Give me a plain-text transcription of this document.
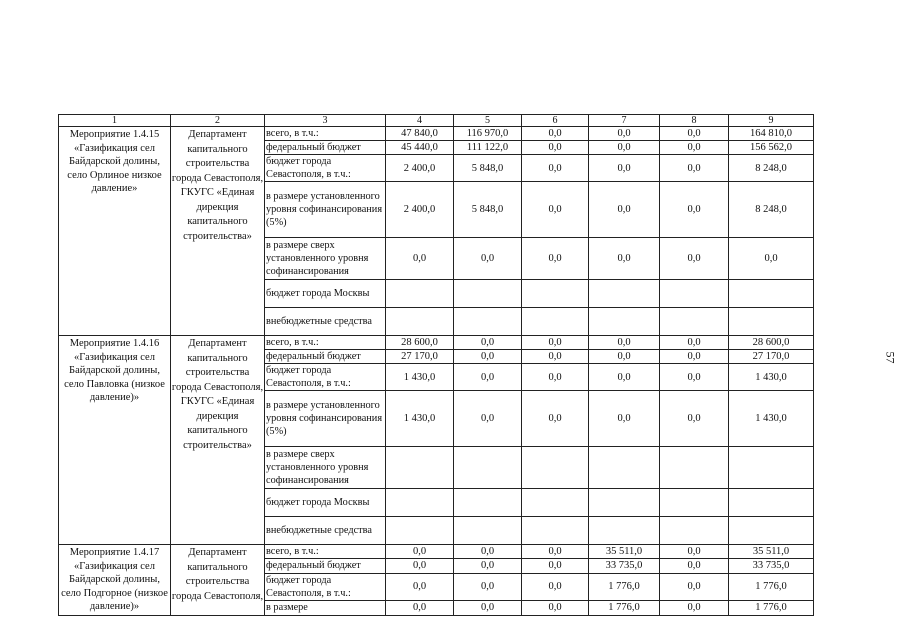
1	2	3	4	5	6	7	8	9
Мероприятие 1.4.15 «Газификация сел Байдарской долины, село Орлиное низкое давление»	Департамент капитального строительства города Севастополя, ГКУГС «Единая дирекция капитального строительства»	всего, в т.ч.:	47 840,0	116 970,0	0,0	0,0	0,0	164 810,0
		федеральный бюджет	45 440,0	111 122,0	0,0	0,0	0,0	156 562,0
		бюджет города Севастополя, в т.ч.:	2 400,0	5 848,0	0,0	0,0	0,0	8 248,0
		в размере установленного уровня софинансирования (5%)	2 400,0	5 848,0	0,0	0,0	0,0	8 248,0
		в размере сверх установленного уровня софинансирования	0,0	0,0	0,0	0,0	0,0	0,0
		бюджет города Москвы						
		внебюджетные средства						
Мероприятие 1.4.16 «Газификация сел Байдарской долины, село Павловка (низкое давление)»	Департамент капитального строительства города Севастополя, ГКУГС «Единая дирекция капитального строительства»	всего, в т.ч.:	28 600,0	0,0	0,0	0,0	0,0	28 600,0
		федеральный бюджет	27 170,0	0,0	0,0	0,0	0,0	27 170,0
		бюджет города Севастополя, в т.ч.:	1 430,0	0,0	0,0	0,0	0,0	1 430,0
		в размере установленного уровня софинансирования (5%)	1 430,0	0,0	0,0	0,0	0,0	1 430,0
		в размере сверх установленного уровня софинансирования						
		бюджет города Москвы						
		внебюджетные средства						
Мероприятие 1.4.17 «Газификация сел Байдарской долины, село Подгорное (низкое давление)»	Департамент капитального строительства города Севастополя,	всего, в т.ч.:	0,0	0,0	0,0	35 511,0	0,0	35 511,0
		федеральный бюджет	0,0	0,0	0,0	33 735,0	0,0	33 735,0
		бюджет города Севастополя, в т.ч.:	0,0	0,0	0,0	1 776,0	0,0	1 776,0
		в размере	0,0	0,0	0,0	1 776,0	0,0	1 776,0
57
